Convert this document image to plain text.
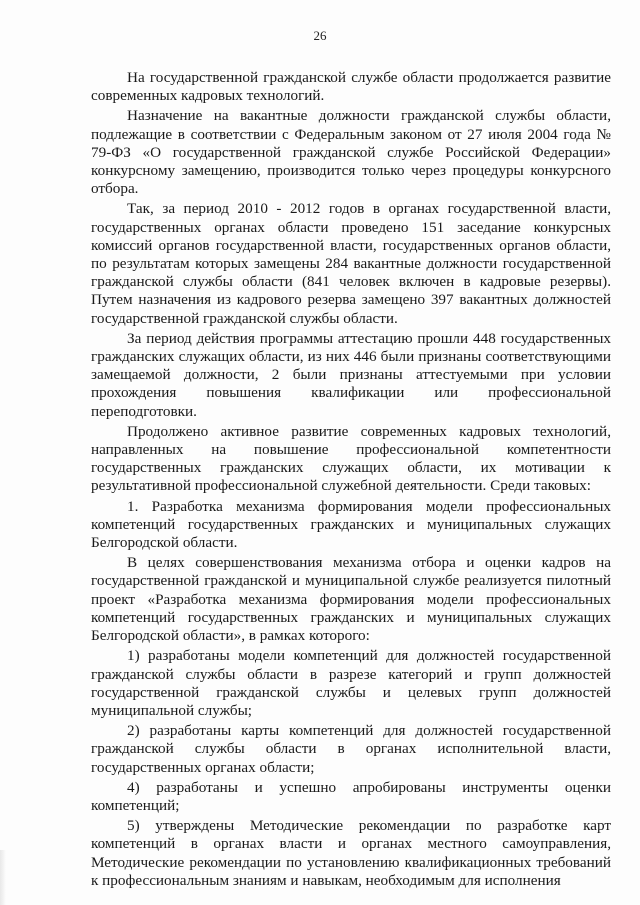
26

На государственной гражданской службе области продолжается развитие современных кадровых технологий.

Назначение на вакантные должности гражданской службы области, подлежащие в соответствии с Федеральным законом от 27 июля 2004 года № 79-ФЗ «О государственной гражданской службе Российской Федерации» конкурсному замещению, производится только через процедуры конкурсного отбора.

Так, за период 2010 - 2012 годов в органах государственной власти, государственных органах области проведено 151 заседание конкурсных комиссий органов государственной власти, государственных органов области, по результатам которых замещены 284 вакантные должности государственной гражданской службы области (841 человек включен в кадровые резервы). Путем назначения из кадрового резерва замещено 397 вакантных должностей государственной гражданской службы области.

За период действия программы аттестацию прошли 448 государственных гражданских служащих области, из них 446 были признаны соответствующими замещаемой должности, 2 были признаны аттестуемыми при условии прохождения повышения квалификации или профессиональной переподготовки.

Продолжено активное развитие современных кадровых технологий, направленных на повышение профессиональной компетентности государственных гражданских служащих области, их мотивации к результативной профессиональной служебной деятельности. Среди таковых:

1. Разработка механизма формирования модели профессиональных компетенций государственных гражданских и муниципальных служащих Белгородской области.

В целях совершенствования механизма отбора и оценки кадров на государственной гражданской и муниципальной службе реализуется пилотный проект «Разработка механизма формирования модели профессиональных компетенций государственных гражданских и муниципальных служащих Белгородской области», в рамках которого:

1) разработаны модели компетенций для должностей государственной гражданской службы области в разрезе категорий и групп должностей государственной гражданской службы и целевых групп должностей муниципальной службы;

2) разработаны карты компетенций для должностей государственной гражданской службы области в органах исполнительной власти, государственных органах области;

4) разработаны и успешно апробированы инструменты оценки компетенций;

5) утверждены Методические рекомендации по разработке карт компетенций в органах власти и органах местного самоуправления, Методические рекомендации по установлению квалификационных требований к профессиональным знаниям и навыкам, необходимым для исполнения
